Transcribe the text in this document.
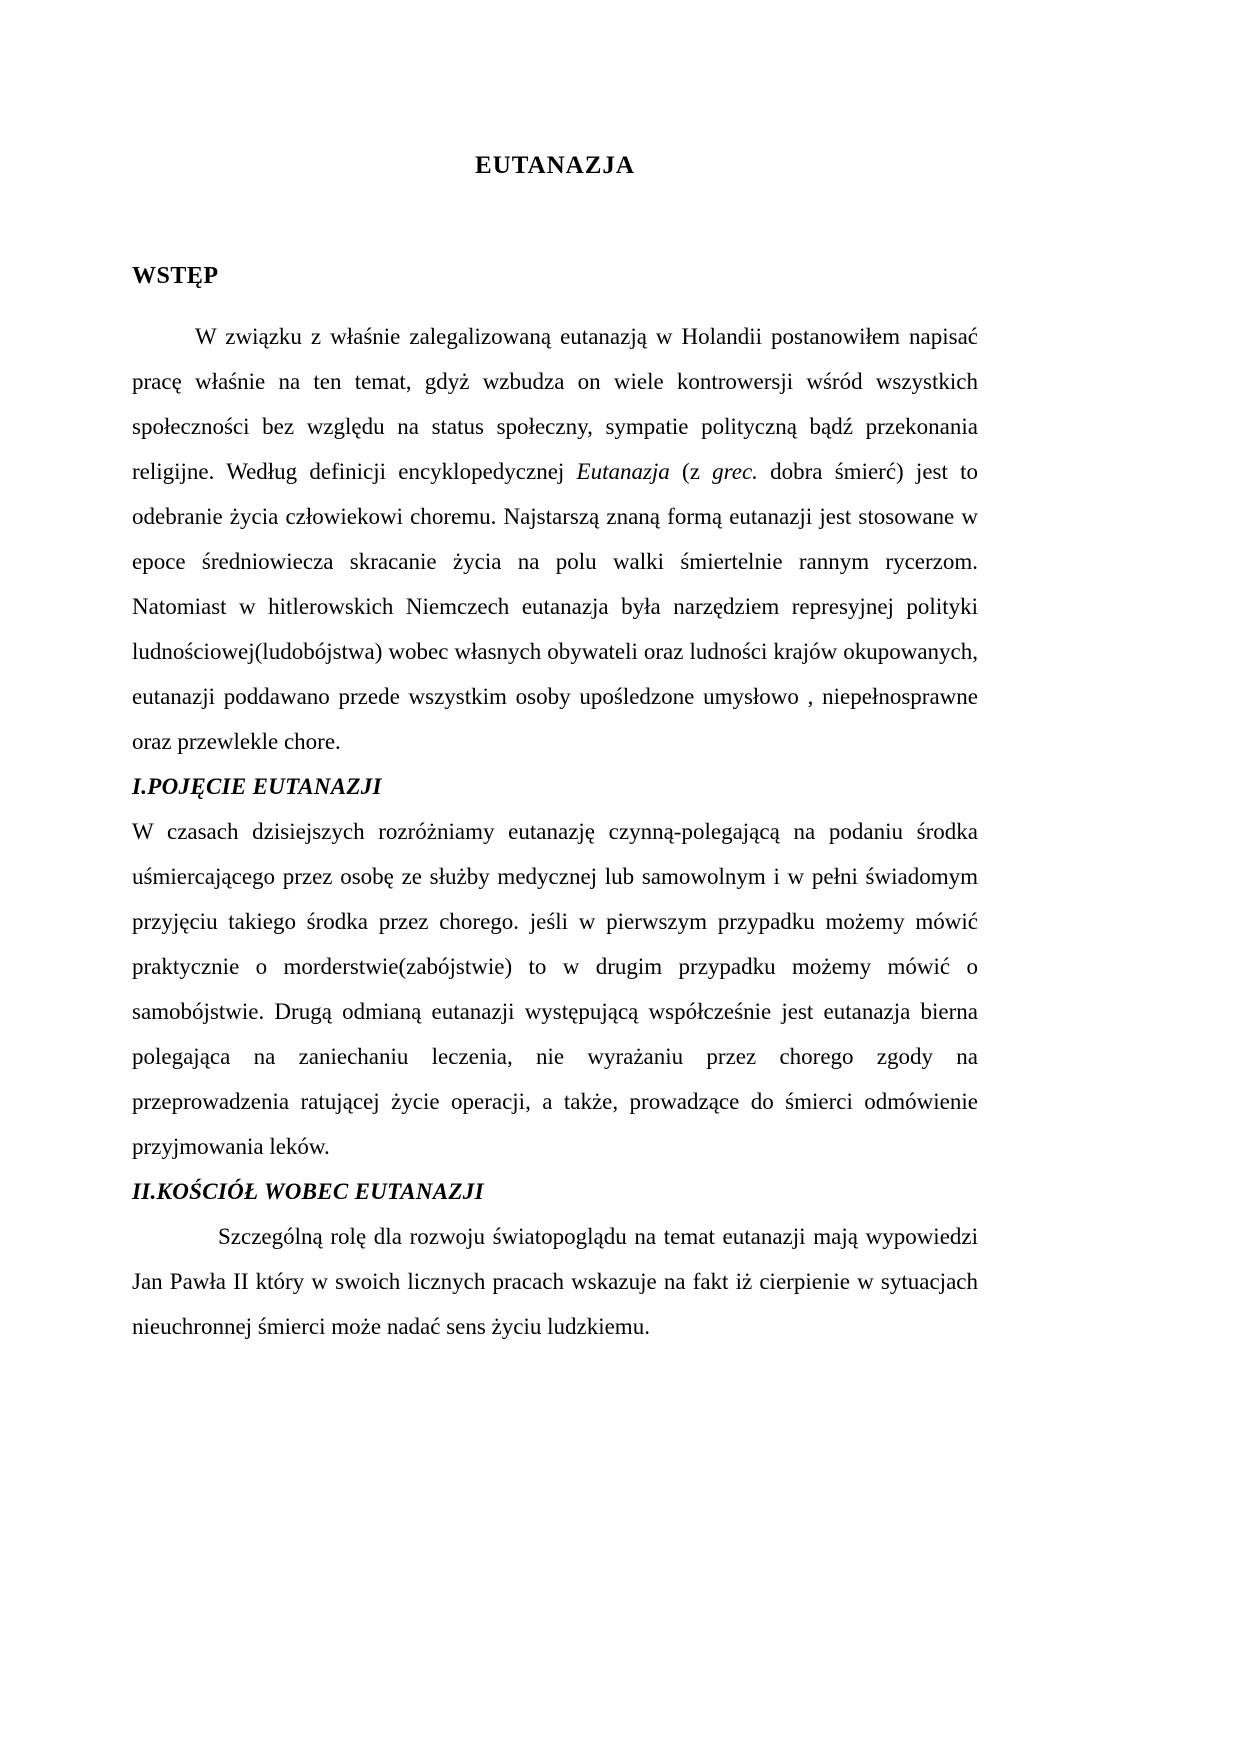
EUTANAZJA
WSTĘP

W związku z właśnie zalegalizowaną eutanazją w Holandii postanowiłem napisać pracę właśnie na ten temat, gdyż wzbudza on wiele kontrowersji wśród wszystkich społeczności bez względu na status społeczny, sympatie polityczną bądź przekonania religijne. Według definicji encyklopedycznej Eutanazja (z grec. dobra śmierć) jest to odebranie życia człowiekowi choremu. Najstarszą znaną formą eutanazji jest stosowane w epoce średniowiecza skracanie życia na polu walki śmiertelnie rannym rycerzom. Natomiast w hitlerowskich Niemczech eutanazja była narzędziem represyjnej polityki ludnościowej(ludobójstwa) wobec własnych obywateli oraz ludności krajów okupowanych, eutanazji poddawano przede wszystkim osoby upośledzone umysłowo , niepełnosprawne oraz przewlekle chore.

I.POJĘCIE EUTANAZJI

W czasach dzisiejszych rozróżniamy eutanazję czynną-polegającą na podaniu środka uśmiercającego przez osobę ze służby medycznej lub samowolnym i w pełni świadomym przyjęciu takiego środka przez chorego. jeśli w pierwszym przypadku możemy mówić praktycznie o morderstwie(zabójstwie) to w drugim przypadku możemy mówić o samobójstwie. Drugą odmianą eutanazji występującą współcześnie jest eutanazja bierna polegająca na zaniechaniu leczenia, nie wyrażaniu przez chorego zgody na przeprowadzenia ratującej życie operacji, a także, prowadzące do śmierci odmówienie przyjmowania leków.

II.KOŚCIÓŁ WOBEC EUTANAZJI

Szczególną rolę dla rozwoju światopoglądu na temat eutanazji mają wypowiedzi Jan Pawła II który w swoich licznych pracach wskazuje na fakt iż cierpienie w sytuacjach nieuchronnej śmierci może nadać sens życiu ludzkiemu.
